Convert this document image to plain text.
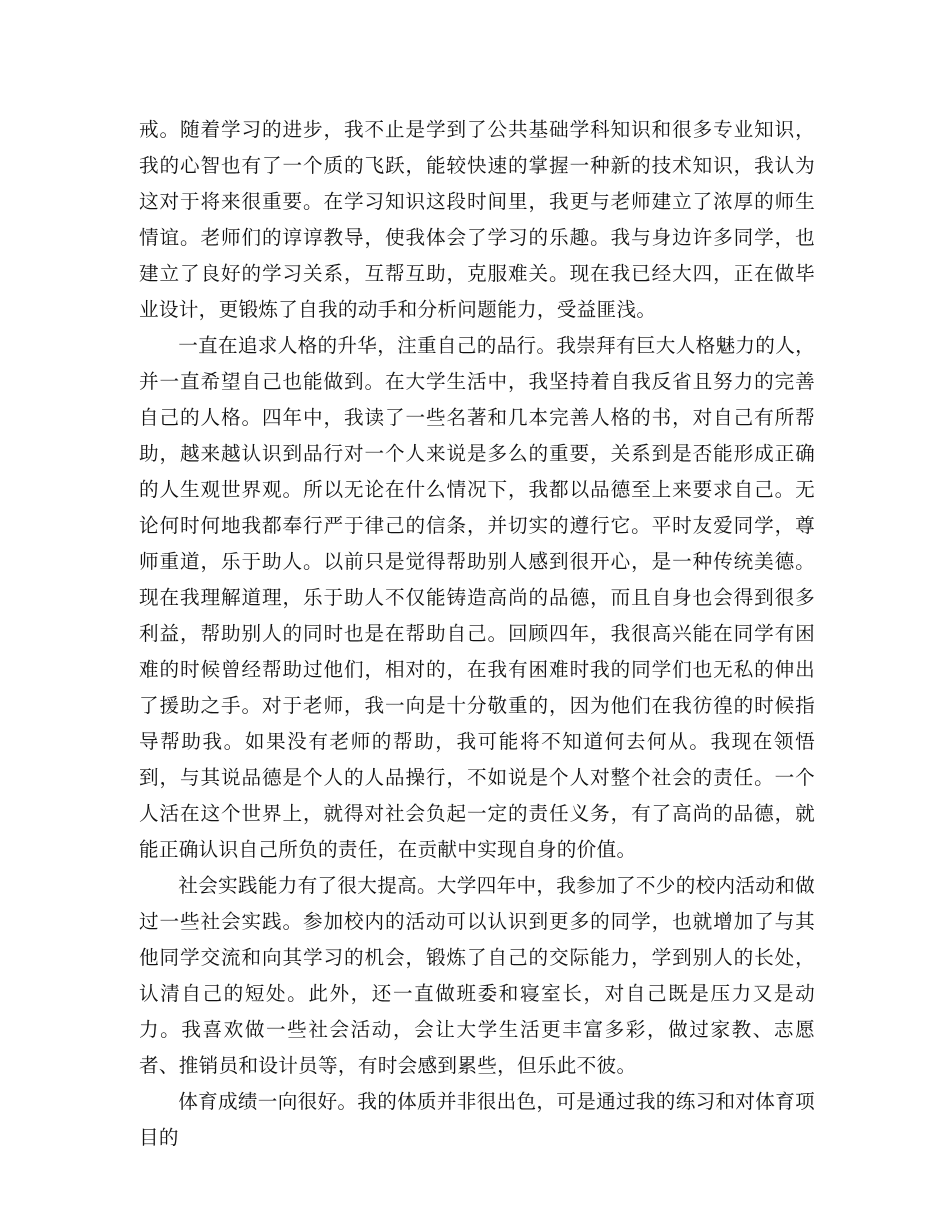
戒。随着学习的进步，我不止是学到了公共基础学科知识和很多专业知识，我的心智也有了一个质的飞跃，能较快速的掌握一种新的技术知识，我认为这对于将来很重要。在学习知识这段时间里，我更与老师建立了浓厚的师生情谊。老师们的谆谆教导，使我体会了学习的乐趣。我与身边许多同学，也建立了良好的学习关系，互帮互助，克服难关。现在我已经大四，正在做毕业设计，更锻炼了自我的动手和分析问题能力，受益匪浅。

一直在追求人格的升华，注重自己的品行。我崇拜有巨大人格魅力的人，并一直希望自己也能做到。在大学生活中，我坚持着自我反省且努力的完善自己的人格。四年中，我读了一些名著和几本完善人格的书，对自己有所帮助，越来越认识到品行对一个人来说是多么的重要，关系到是否能形成正确的人生观世界观。所以无论在什么情况下，我都以品德至上来要求自己。无论何时何地我都奉行严于律己的信条，并切实的遵行它。平时友爱同学，尊师重道，乐于助人。以前只是觉得帮助别人感到很开心，是一种传统美德。现在我理解道理，乐于助人不仅能铸造高尚的品德，而且自身也会得到很多利益，帮助别人的同时也是在帮助自己。回顾四年，我很高兴能在同学有困难的时候曾经帮助过他们，相对的，在我有困难时我的同学们也无私的伸出了援助之手。对于老师，我一向是十分敬重的，因为他们在我彷徨的时候指导帮助我。如果没有老师的帮助，我可能将不知道何去何从。我现在领悟到，与其说品德是个人的人品操行，不如说是个人对整个社会的责任。一个人活在这个世界上，就得对社会负起一定的责任义务，有了高尚的品德，就能正确认识自己所负的责任，在贡献中实现自身的价值。

社会实践能力有了很大提高。大学四年中，我参加了不少的校内活动和做过一些社会实践。参加校内的活动可以认识到更多的同学，也就增加了与其他同学交流和向其学习的机会，锻炼了自己的交际能力，学到别人的长处，认清自己的短处。此外，还一直做班委和寝室长，对自己既是压力又是动力。我喜欢做一些社会活动，会让大学生活更丰富多彩，做过家教、志愿者、推销员和设计员等，有时会感到累些，但乐此不彼。

体育成绩一向很好。我的体质并非很出色，可是通过我的练习和对体育项目的
